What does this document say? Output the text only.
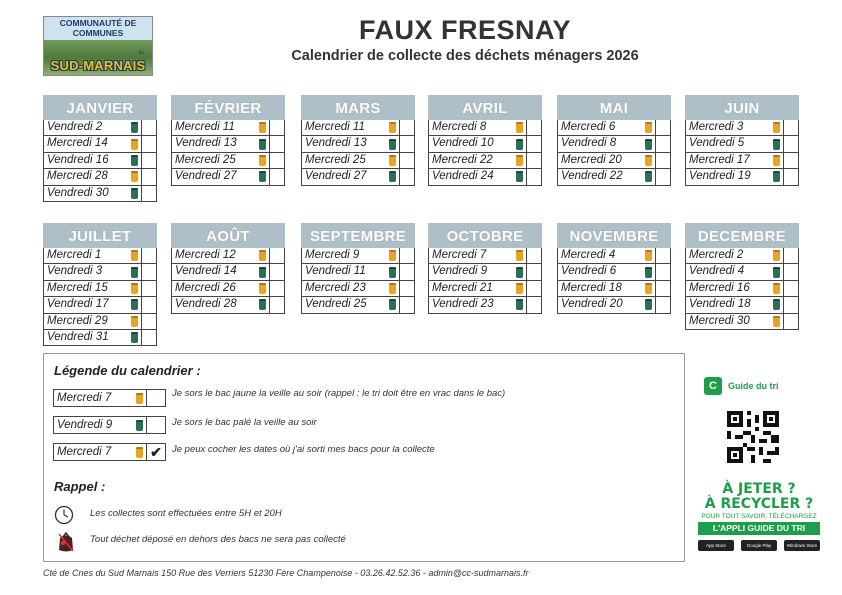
COMMUNAUTÉ DE
COMMUNES
du
SUD-MARNAIS
FAUX FRESNAY
Calendrier de collecte des déchets ménagers 2026
JANVIER
Vendredi 2
Mercredi 14
Vendredi 16
Mercredi 28
Vendredi 30
FÉVRIER
Mercredi 11
Vendredi 13
Mercredi 25
Vendredi 27
MARS
Mercredi 11
Vendredi 13
Mercredi 25
Vendredi 27
AVRIL
Mercredi 8
Vendredi 10
Mercredi 22
Vendredi 24
MAI
Mercredi 6
Vendredi 8
Mercredi 20
Vendredi 22
JUIN
Mercredi 3
Vendredi 5
Mercredi 17
Vendredi 19
JUILLET
Mercredi 1
Vendredi 3
Mercredi 15
Vendredi 17
Mercredi 29
Vendredi 31
AOÛT
Mercredi 12
Vendredi 14
Mercredi 26
Vendredi 28
SEPTEMBRE
Mercredi 9
Vendredi 11
Mercredi 23
Vendredi 25
OCTOBRE
Mercredi 7
Vendredi 9
Mercredi 21
Vendredi 23
NOVEMBRE
Mercredi 4
Vendredi 6
Mercredi 18
Vendredi 20
DECEMBRE
Mercredi 2
Vendredi 4
Mercredi 16
Vendredi 18
Mercredi 30
Légende du calendrier :
Mercredi 7	Je sors le bac jaune la veille au soir (rappel : le tri doit être en vrac dans le bac)
Vendredi 9	Je sors le bac palé la veille au soir
Mercredi 7	✔	Je peux cocher les dates où j'ai sorti mes bacs pour la collecte
Rappel :
Les collectes sont effectuées entre 5H et 20H
Tout déchet déposé en dehors des bacs ne sera pas collecté
Cté de Cnes du Sud Marnais 150 Rue des Verriers 51230 Fère Champenoise - 03.26.42.52.36 - admin@cc-sudmarnais.fr
C	Guide du tri
À JETER ?
À RECYCLER ?
POUR TOUT SAVOIR, TÉLÉCHARGEZ
L'APPLI GUIDE DU TRI
App Store	Google Play	Windows Store
